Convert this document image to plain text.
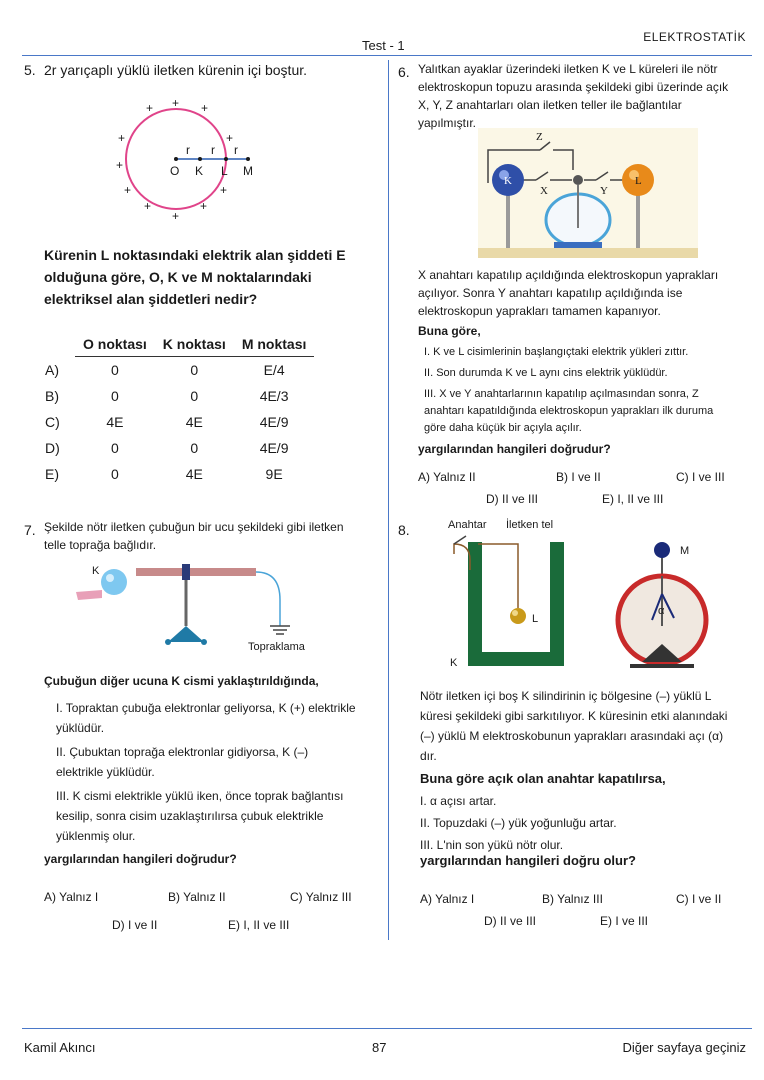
Test - 1
ELEKTROSTATİK
5. 2r yarıçaplı yüklü iletken kürenin içi boştur.
r r r
O K L M
+ + +
+	+
+
+	+
+	+
+
Kürenin L noktasındaki elektrik alan şiddeti E olduğuna göre, O, K ve M noktalarındaki elektriksel alan şiddetleri nedir?
	O noktası	K noktası	M noktası
A)	0	0	E/4
B)	0	0	4E/3
C)	4E	4E	4E/9
D)	0	0	4E/9
E)	0	4E	9E
6. Yalıtkan ayaklar üzerindeki iletken K ve L küreleri ile nötr elektroskopun topuzu arasında şekildeki gibi üzerinde açık X, Y, Z anahtarları olan iletken teller ile bağlantılar yapılmıştır.
K	L
X	Y
Z
X anahtarı kapatılıp açıldığında elektroskopun yaprakları açılıyor. Sonra Y anahtarı kapatılıp açıldığında ise elektroskopun yaprakları tamamen kapanıyor.
Buna göre,
I. K ve L cisimlerinin başlangıçtaki elektrik yükleri zıttır.
II. Son durumda K ve L aynı cins elektrik yüklüdür.
III. X ve Y anahtarlarının kapatılıp açılmasından sonra, Z anahtarı kapatıldığında elektroskopun yaprakları ilk duruma göre daha küçük bir açıyla açılır.
yargılarından hangileri doğrudur?
A) Yalnız II	B) I ve II	C) I ve III
D) II ve III	E) I, II ve III
7. Şekilde nötr iletken çubuğun bir ucu şekildeki gibi iletken telle toprağa bağlıdır.
K
Topraklama
Çubuğun diğer ucuna K cismi yaklaştırıldığında,
I. Topraktan çubuğa elektronlar geliyorsa, K (+) elektrikle yüklüdür.
II. Çubuktan toprağa elektronlar gidiyorsa, K (–) elektrikle yüklüdür.
III. K cismi elektrikle yüklü iken, önce toprak bağlantısı kesilip, sonra cisim uzaklaştırılırsa çubuk elektrikle yüklenmiş olur.
yargılarından hangileri doğrudur?
A) Yalnız I	B) Yalnız II	C) Yalnız III
D) I ve II	E) I, II ve III
8.	Anahtar İletken tel
L
K
M
α
Nötr iletken içi boş K silindirinin iç bölgesine (–) yüklü L küresi şekildeki gibi sarkıtılıyor. K küresinin etki alanındaki (–) yüklü M elektroskobunun yaprakları arasındaki açı (α) dır.
Buna göre açık olan anahtar kapatılırsa,
I. α açısı artar.
II. Topuzdaki (–) yük yoğunluğu artar.
III. L'nin son yükü nötr olur.
yargılarından hangileri doğru olur?
A) Yalnız I	B) Yalnız III	C) I ve II
D) II ve III	E) I ve III
Kamil Akıncı	87	Diğer sayfaya geçiniz
